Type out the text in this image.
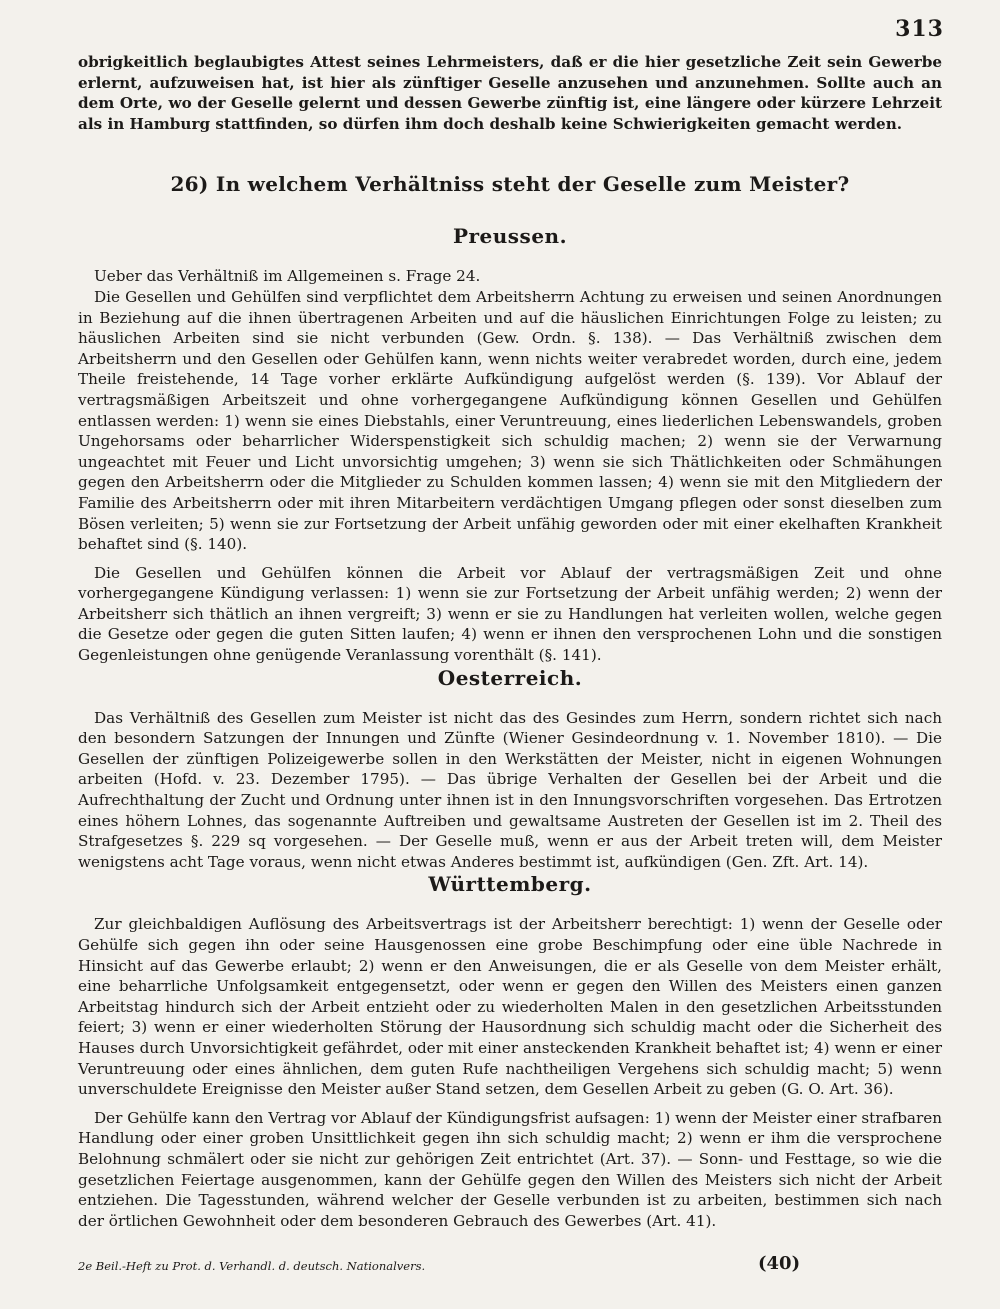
313

obrigkeitlich beglaubigtes Attest seines Lehrmeisters, daß er die hier gesetzliche Zeit sein Gewerbe erlernt, aufzuweisen hat, ist hier als zünftiger Geselle anzusehen und anzunehmen. Sollte auch an dem Orte, wo der Geselle gelernt und dessen Gewerbe zünftig ist, eine längere oder kürzere Lehrzeit als in Hamburg stattfinden, so dürfen ihm doch deshalb keine Schwierigkeiten gemacht werden.

26) In welchem Verhältniss steht der Geselle zum Meister?
Preussen.

Ueber das Verhältniß im Allgemeinen s. Frage 24.

Die Gesellen und Gehülfen sind verpflichtet dem Arbeitsherrn Achtung zu erweisen und seinen Anordnungen in Beziehung auf die ihnen übertragenen Arbeiten und auf die häuslichen Einrichtungen Folge zu leisten; zu häuslichen Arbeiten sind sie nicht verbunden (Gew. Ordn. §. 138). — Das Verhältniß zwischen dem Arbeitsherrn und den Gesellen oder Gehülfen kann, wenn nichts weiter verabredet worden, durch eine, jedem Theile freistehende, 14 Tage vorher erklärte Aufkündigung aufgelöst werden (§. 139). Vor Ablauf der vertragsmäßigen Arbeitszeit und ohne vorhergegangene Aufkündigung können Gesellen und Gehülfen entlassen werden: 1) wenn sie eines Diebstahls, einer Veruntreuung, eines liederlichen Lebenswandels, groben Ungehorsams oder beharrlicher Widerspenstigkeit sich schuldig machen; 2) wenn sie der Verwarnung ungeachtet mit Feuer und Licht unvorsichtig umgehen; 3) wenn sie sich Thätlichkeiten oder Schmähungen gegen den Arbeitsherrn oder die Mitglieder zu Schulden kommen lassen; 4) wenn sie mit den Mitgliedern der Familie des Arbeitsherrn oder mit ihren Mitarbeitern verdächtigen Umgang pflegen oder sonst dieselben zum Bösen verleiten; 5) wenn sie zur Fortsetzung der Arbeit unfähig geworden oder mit einer ekelhaften Krankheit behaftet sind (§. 140).

Die Gesellen und Gehülfen können die Arbeit vor Ablauf der vertragsmäßigen Zeit und ohne vorhergegangene Kündigung verlassen: 1) wenn sie zur Fortsetzung der Arbeit unfähig werden; 2) wenn der Arbeitsherr sich thätlich an ihnen vergreift; 3) wenn er sie zu Handlungen hat verleiten wollen, welche gegen die Gesetze oder gegen die guten Sitten laufen; 4) wenn er ihnen den versprochenen Lohn und die sonstigen Gegenleistungen ohne genügende Veranlassung vorenthält (§. 141).

Oesterreich.

Das Verhältniß des Gesellen zum Meister ist nicht das des Gesindes zum Herrn, sondern richtet sich nach den besondern Satzungen der Innungen und Zünfte (Wiener Gesindeordnung v. 1. November 1810). — Die Gesellen der zünftigen Polizeigewerbe sollen in den Werkstätten der Meister, nicht in eigenen Wohnungen arbeiten (Hofd. v. 23. Dezember 1795). — Das übrige Verhalten der Gesellen bei der Arbeit und die Aufrechthaltung der Zucht und Ordnung unter ihnen ist in den Innungsvorschriften vorgesehen. Das Ertrotzen eines höhern Lohnes, das sogenannte Auftreiben und gewaltsame Austreten der Gesellen ist im 2. Theil des Strafgesetzes §. 229 sq vorgesehen. — Der Geselle muß, wenn er aus der Arbeit treten will, dem Meister wenigstens acht Tage voraus, wenn nicht etwas Anderes bestimmt ist, aufkündigen (Gen. Zft. Art. 14).

Württemberg.

Zur gleichbaldigen Auflösung des Arbeitsvertrags ist der Arbeitsherr berechtigt: 1) wenn der Geselle oder Gehülfe sich gegen ihn oder seine Hausgenossen eine grobe Beschimpfung oder eine üble Nachrede in Hinsicht auf das Gewerbe erlaubt; 2) wenn er den Anweisungen, die er als Geselle von dem Meister erhält, eine beharrliche Unfolgsamkeit entgegensetzt, oder wenn er gegen den Willen des Meisters einen ganzen Arbeitstag hindurch sich der Arbeit entzieht oder zu wiederholten Malen in den gesetzlichen Arbeitsstunden feiert; 3) wenn er einer wiederholten Störung der Hausordnung sich schuldig macht oder die Sicherheit des Hauses durch Unvorsichtigkeit gefährdet, oder mit einer ansteckenden Krankheit behaftet ist; 4) wenn er einer Veruntreuung oder eines ähnlichen, dem guten Rufe nachtheiligen Vergehens sich schuldig macht; 5) wenn unverschuldete Ereignisse den Meister außer Stand setzen, dem Gesellen Arbeit zu geben (G. O. Art. 36).

Der Gehülfe kann den Vertrag vor Ablauf der Kündigungsfrist aufsagen: 1) wenn der Meister einer strafbaren Handlung oder einer groben Unsittlichkeit gegen ihn sich schuldig macht; 2) wenn er ihm die versprochene Belohnung schmälert oder sie nicht zur gehörigen Zeit entrichtet (Art. 37). — Sonn- und Festtage, so wie die gesetzlichen Feiertage ausgenommen, kann der Gehülfe gegen den Willen des Meisters sich nicht der Arbeit entziehen. Die Tagesstunden, während welcher der Geselle verbunden ist zu arbeiten, bestimmen sich nach der örtlichen Gewohnheit oder dem besonderen Gebrauch des Gewerbes (Art. 41).

2e Beil.-Heft zu Prot. d. Verhandl. d. deutsch. Nationalvers.	(40)
